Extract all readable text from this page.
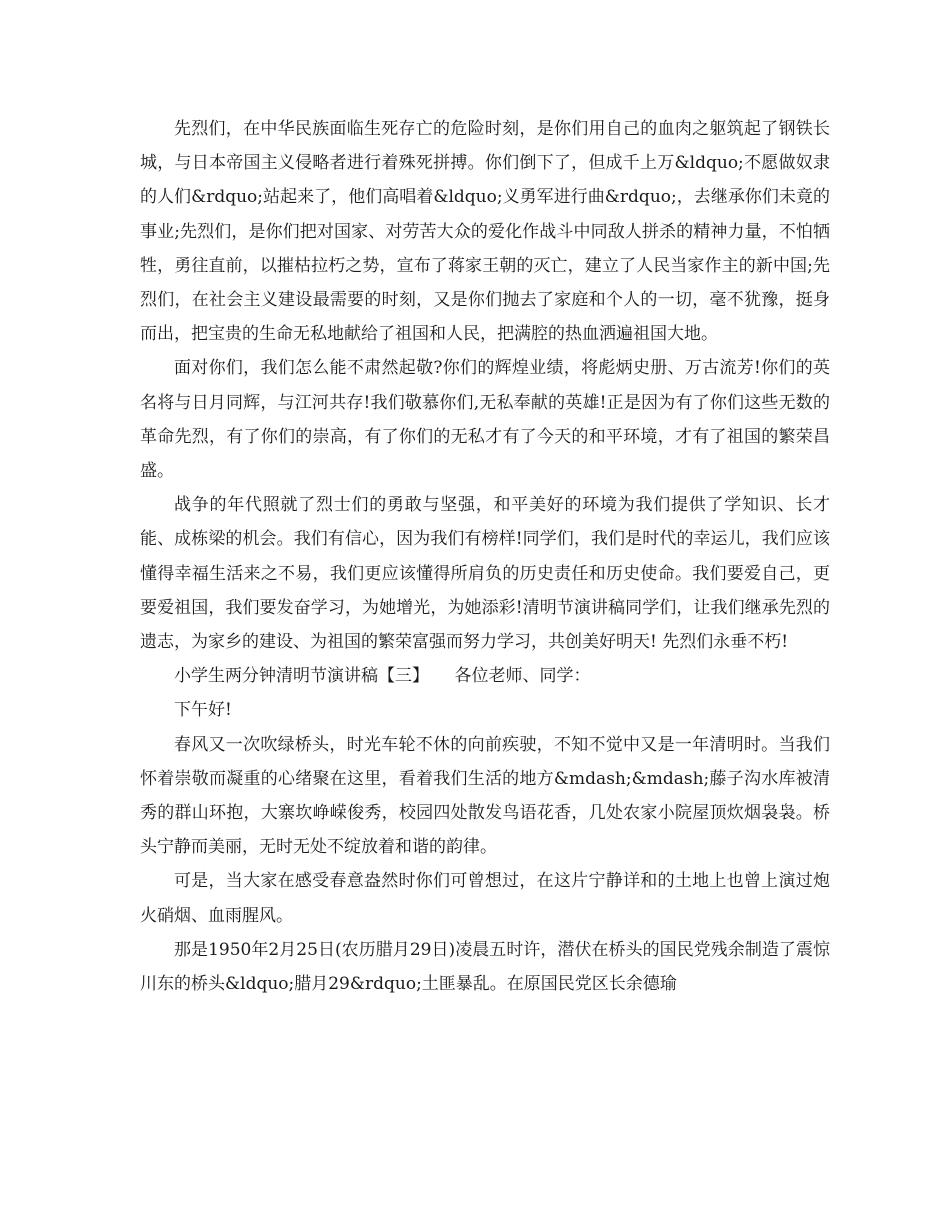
先烈们，在中华民族面临生死存亡的危险时刻，是你们用自己的血肉之躯筑起了钢铁长城，与日本帝国主义侵略者进行着殊死拼搏。你们倒下了，但成千上万&ldquo;不愿做奴隶的人们&rdquo;站起来了，他们高唱着&ldquo;义勇军进行曲&rdquo;，去继承你们未竟的事业;先烈们，是你们把对国家、对劳苦大众的爱化作战斗中同敌人拼杀的精神力量，不怕牺牲，勇往直前，以摧枯拉朽之势，宣布了蒋家王朝的灭亡，建立了人民当家作主的新中国;先烈们，在社会主义建设最需要的时刻，又是你们抛去了家庭和个人的一切，毫不犹豫，挺身而出，把宝贵的生命无私地献给了祖国和人民，把满腔的热血洒遍祖国大地。

面对你们，我们怎么能不肃然起敬?你们的辉煌业绩，将彪炳史册、万古流芳!你们的英名将与日月同辉，与江河共存!我们敬慕你们,无私奉献的英雄!正是因为有了你们这些无数的革命先烈，有了你们的崇高，有了你们的无私才有了今天的和平环境，才有了祖国的繁荣昌盛。

战争的年代照就了烈士们的勇敢与坚强，和平美好的环境为我们提供了学知识、长才能、成栋梁的机会。我们有信心，因为我们有榜样!同学们，我们是时代的幸运儿，我们应该懂得幸福生活来之不易，我们更应该懂得所肩负的历史责任和历史使命。我们要爱自己，更要爱祖国，我们要发奋学习，为她增光，为她添彩!清明节演讲稿同学们，让我们继承先烈的遗志，为家乡的建设、为祖国的繁荣富强而努力学习，共创美好明天! 先烈们永垂不朽!

小学生两分钟清明节演讲稿【三】　　各位老师、同学：

下午好!

春风又一次吹绿桥头，时光车轮不休的向前疾驶，不知不觉中又是一年清明时。当我们怀着崇敬而凝重的心绪聚在这里，看着我们生活的地方&mdash;&mdash;藤子沟水库被清秀的群山环抱，大寨坎峥嵘俊秀，校园四处散发鸟语花香，几处农家小院屋顶炊烟袅袅。桥头宁静而美丽，无时无处不绽放着和谐的韵律。

可是，当大家在感受春意盎然时你们可曾想过，在这片宁静详和的土地上也曾上演过炮火硝烟、血雨腥风。

那是1950年2月25日(农历腊月29日)凌晨五时许，潜伏在桥头的国民党残余制造了震惊川东的桥头&ldquo;腊月29&rdquo;土匪暴乱。在原国民党区长余德瑜
